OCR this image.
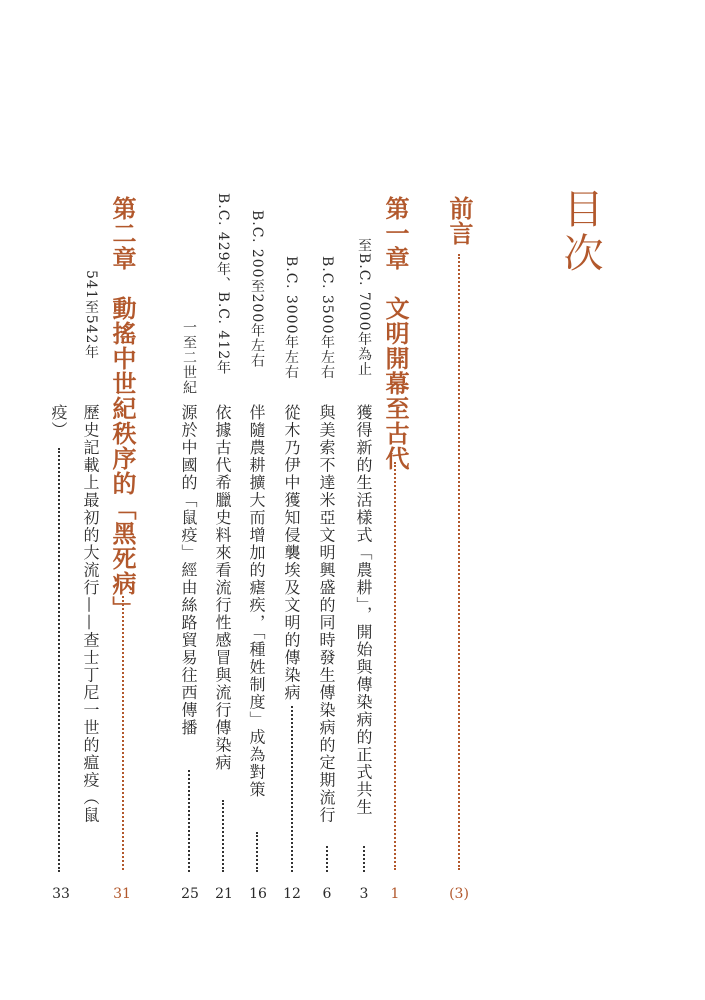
目次
前言
(3)
第一章　文明開幕至古代
1
至B.C. 7000年為止
獲得新的生活樣式「農耕」，開始與傳染病的正式共生
3
B.C. 3500年左右
與美索不達米亞文明興盛的同時發生傳染病的定期流行
6
B.C. 3000年左右
從木乃伊中獲知侵襲埃及文明的傳染病
12
B.C. 200至200年左右
伴隨農耕擴大而增加的瘧疾，「種姓制度」成為對策
16
B.C. 429年、B.C. 412年
依據古代希臘史料來看流行性感冒與流行傳染病
21
一至二世紀
源於中國的「鼠疫」經由絲路貿易往西傳播
25
第二章　動搖中世紀秩序的「黑死病」
31
541至542年
歷史記載上最初的大流行——查士丁尼一世的瘟疫（鼠
疫）
33
